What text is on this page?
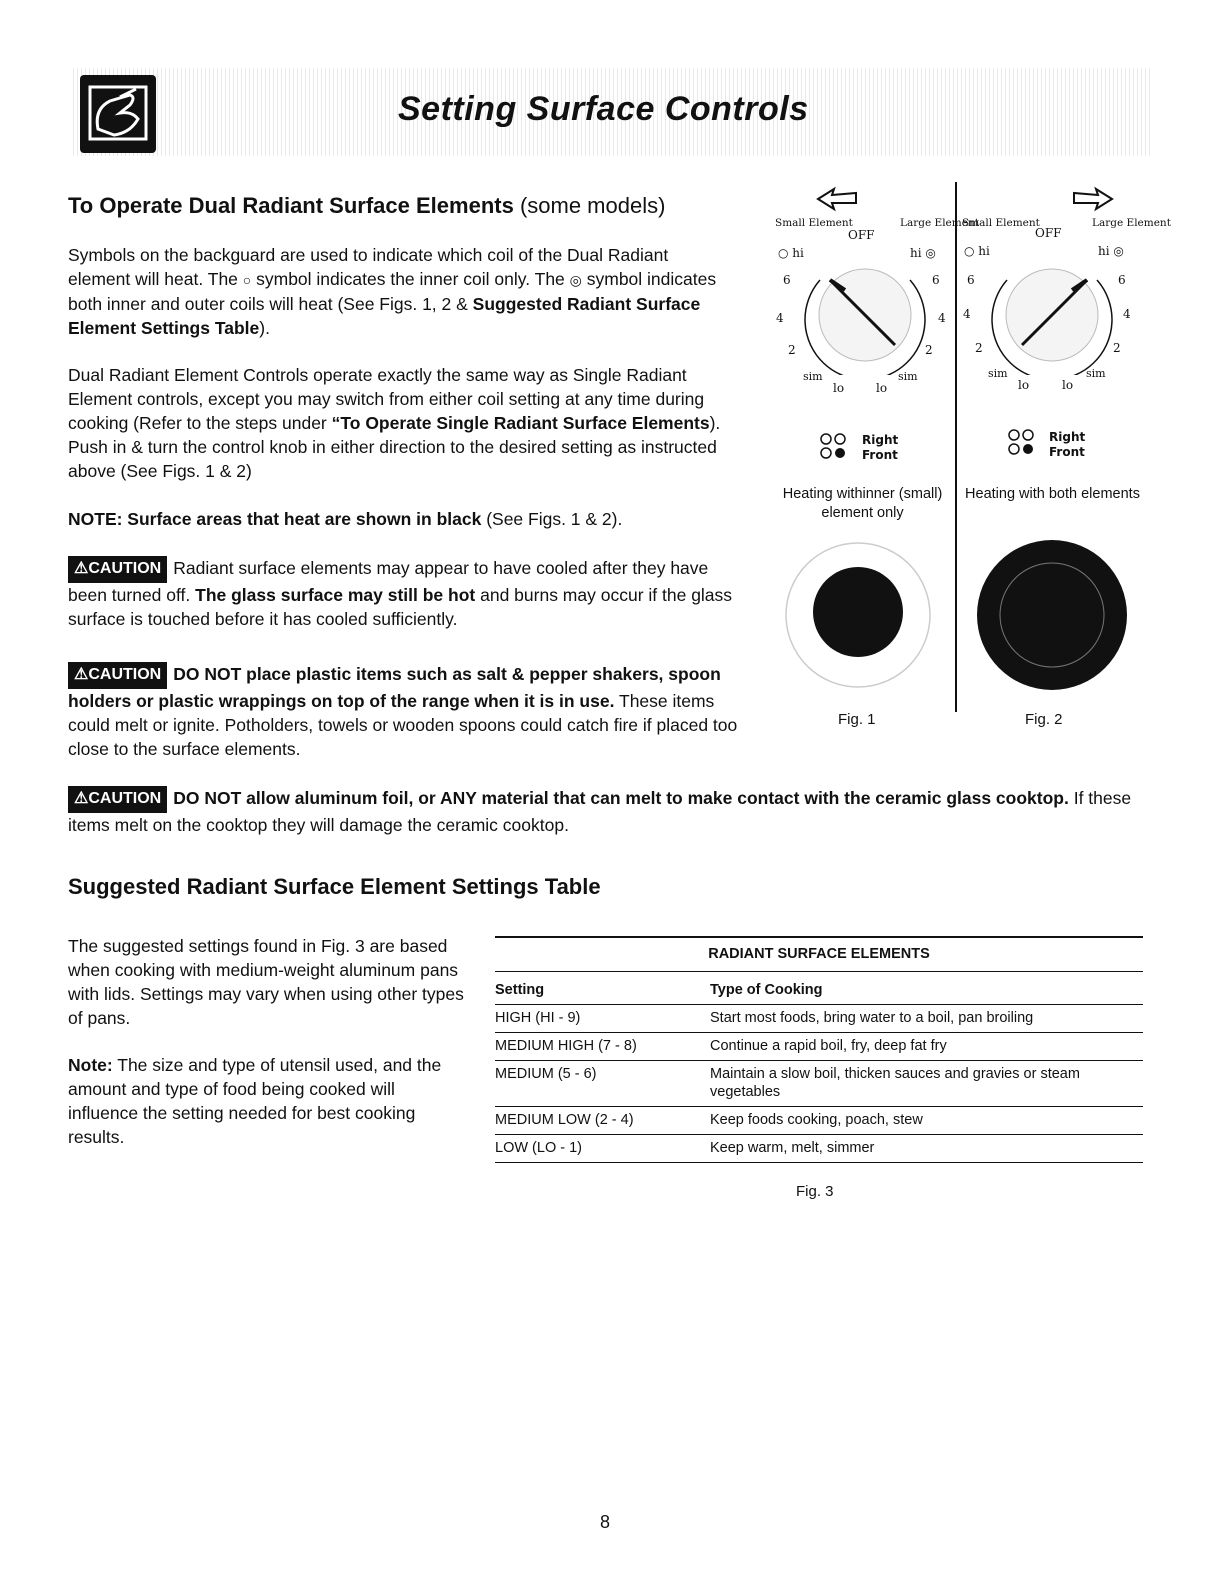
Setting Surface Controls
To Operate Dual Radiant Surface Elements (some models)

Symbols on the backguard are used to indicate which coil of the Dual Radiant element will heat. The ○ symbol indicates the inner coil only. The ◎ symbol indicates both inner and outer coils will heat (See Figs. 1, 2 & Suggested Radiant Surface Element Settings Table).

Dual Radiant Element Controls operate exactly the same way as Single Radiant Element controls, except you may switch from either coil setting at any time during cooking (Refer to the steps under “To Operate Single Radiant Surface Elements). Push in & turn the control knob in either direction to the desired setting as instructed above (See Figs. 1 & 2)

NOTE: Surface areas that heat are shown in black (See Figs. 1 & 2).

⚠CAUTION Radiant surface elements may appear to have cooled after they have been turned off. The glass surface may still be hot and burns may occur if the glass surface is touched before it has cooled sufficiently.

⚠CAUTION DO NOT place plastic items such as salt & pepper shakers, spoon holders or plastic wrappings on top of the range when it is in use. These items could melt or ignite. Potholders, towels or wooden spoons could catch fire if placed too close to the surface elements.

⚠CAUTION DO NOT allow aluminum foil, or ANY material that can melt to make contact with the ceramic glass cooktop. If these items melt on the cooktop they will damage the ceramic cooktop.

Small Element
OFF
Large Element
○ hi	hi ◎
6	6
4	4
2	2
sim	sim
lo	lo
Right
Front
Heating withinner (small) element only
Fig. 1
Small Element
OFF
Large Element
○ hi	hi ◎
6	6
4	4
2	2
sim	sim
lo	lo
Right
Front
Heating with both elements
Fig. 2
Suggested Radiant Surface Element Settings Table

The suggested settings found in Fig. 3 are based when cooking with medium-weight aluminum pans with lids. Settings may vary when using other types of pans.

Note: The size and type of utensil used, and the amount and type of food being cooked will influence the setting needed for best cooking results.

RADIANT SURFACE ELEMENTS	
Setting	Type of Cooking
HIGH (HI - 9)	Start most foods, bring water to a boil, pan broiling
MEDIUM HIGH (7 - 8)	Continue a rapid boil, fry, deep fat fry
MEDIUM (5 - 6)	Maintain a slow boil, thicken sauces and gravies or steam vegetables
MEDIUM LOW (2 - 4)	Keep foods cooking, poach, stew
LOW (LO - 1)	Keep warm, melt, simmer
Fig. 3
8
